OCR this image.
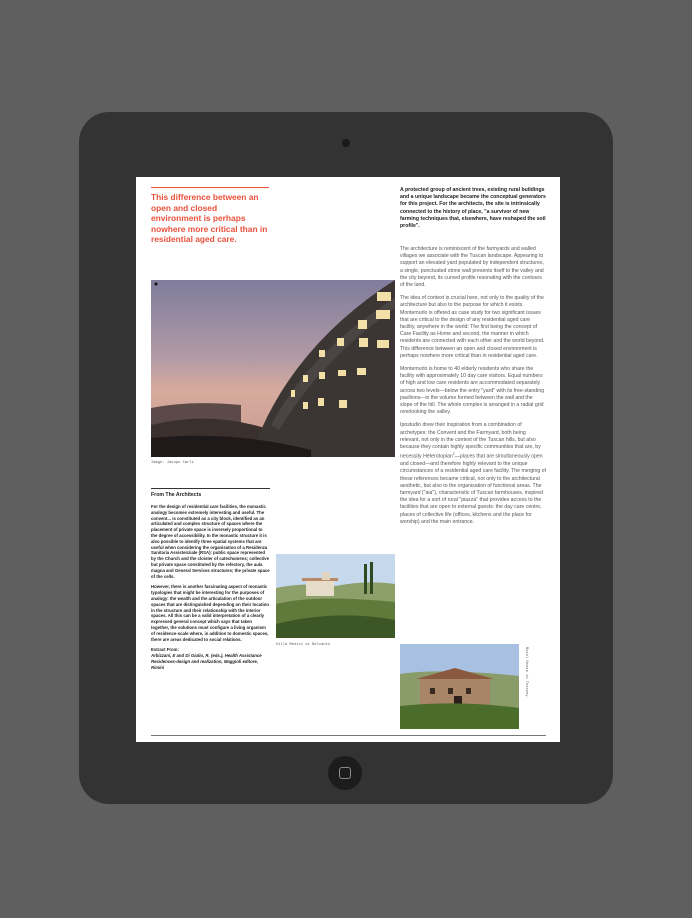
This difference between an open and closed environment is perhaps nowhere more critical than in residential aged care.
Image: Jacopo Carli
From The Architects

For the design of residential care facilities, the monastic analogy becomes extremely interesting and useful. The convent... is constituted as a city block, identified as an articulated and complex structure of spaces where the placement of private space is inversely proportional to the degree of accessibility. In the monastic structure it is also possible to identify three spatial systems that are useful when considering the organisation of a Residenza Sanitaria Assistenziale (RSA): public space represented by the Church and the cloister of catechumens; collective but private space constituted by the refectory, the aula magna and General Services structures; the private space of the cells.

However, there is another fascinating aspect of monastic typologies that might be interesting for the purposes of analogy: the wealth and the articulation of the outdoor spaces that are distinguished depending on their location in the structure and their relationship with the interior spaces. All this can be a valid interpretation of a clearly expressed general concept which says that taken together, the solutions must configure a living organism of residence-scale where, in addition to domestic spaces, there are areas dedicated to social relations.

Extract From:

Arbizzani, E and Di Giulio, R. (eds.), Health Assistance Residences-design and realization, Maggioli editore, Rimini

Villa Medici di Belcanto
A protected group of ancient trees, existing rural buildings and a unique landscape became the conceptual generators for this project. For the architects, the site is intrinsically connected to the history of place, "a survivor of new farming techniques that, elsewhere, have reshaped the soil profile".

The architecture is reminiscent of the farmyards and walled villages we associate with the Tuscan landscape. Appearing to support an elevated yard populated by independent structures, a single, punctuated stone wall presents itself to the valley and the city beyond, its curved profile resonating with the contours of the land.

The idea of context is crucial here, not only to the quality of the architecture but also to the purpose for which it exists. Montemurlo is offered as case study for two significant issues that are critical to the design of any residential aged care facility, anywhere in the world: The first being the concept of Care Facility as Home and second, the manner in which residents are connected with each other and the world beyond. This difference between an open and closed environment is perhaps nowhere more critical than in residential aged care.

Montemurlo is home to 40 elderly residents who share the facility with approximately 10 day care visitors. Equal numbers of high and low care residents are accommodated separately across two levels—below the entry "yard" with its free-standing pavilions—in the volume formed between the wall and the slope of the hill. The whole complex is arranged in a radial grid overlooking the valley.

Ipostudio drew their inspiration from a combination of archetypes: the Convent and the Farmyard, both being relevant, not only in the context of the Tuscan hills, but also because they contain highly specific communities that are, by necessity Heterotopian$^2$—places that are simultaneously open and closed—and therefore highly relevant to the unique circumstances of a residential aged care facility. The merging of these references became critical, not only to the architectural aesthetic, but also to the organisation of functional areas. The farmyard ("aia"), characteristic of Tuscan farmhouses, inspired the idea for a sort of rural "piazza" that provides access to the facilities that are open to external guests: the day care centre, places of collective life (offices, kitchens and the place for worship) and the main entrance.

Rural House in Tuscany
